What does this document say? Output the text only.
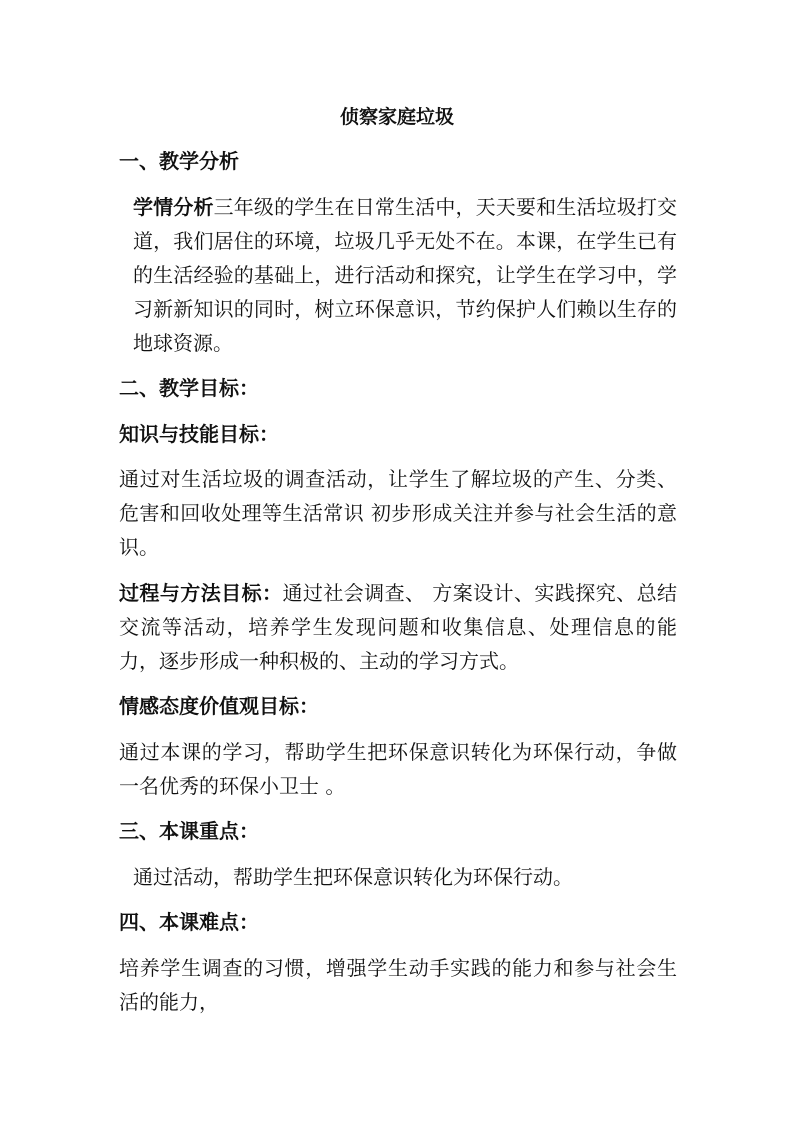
侦察家庭垃圾

一、教学分析

学情分析三年级的学生在日常生活中，天天要和生活垃圾打交道，我们居住的环境，垃圾几乎无处不在。本课，在学生已有的生活经验的基础上，进行活动和探究，让学生在学习中，学习新新知识的同时，树立环保意识，节约保护人们赖以生存的地球资源。

二、教学目标：

知识与技能目标：

通过对生活垃圾的调查活动，让学生了解垃圾的产生、分类、危害和回收处理等生活常识 初步形成关注并参与社会生活的意识。

过程与方法目标：通过社会调查、 方案设计、实践探究、总结交流等活动，培养学生发现问题和收集信息、处理信息的能力，逐步形成一种积极的、主动的学习方式。

情感态度价值观目标：

通过本课的学习，帮助学生把环保意识转化为环保行动，争做一名优秀的环保小卫士 。

三、本课重点：

通过活动，帮助学生把环保意识转化为环保行动。

四、本课难点：

培养学生调查的习惯，增强学生动手实践的能力和参与社会生活的能力，
